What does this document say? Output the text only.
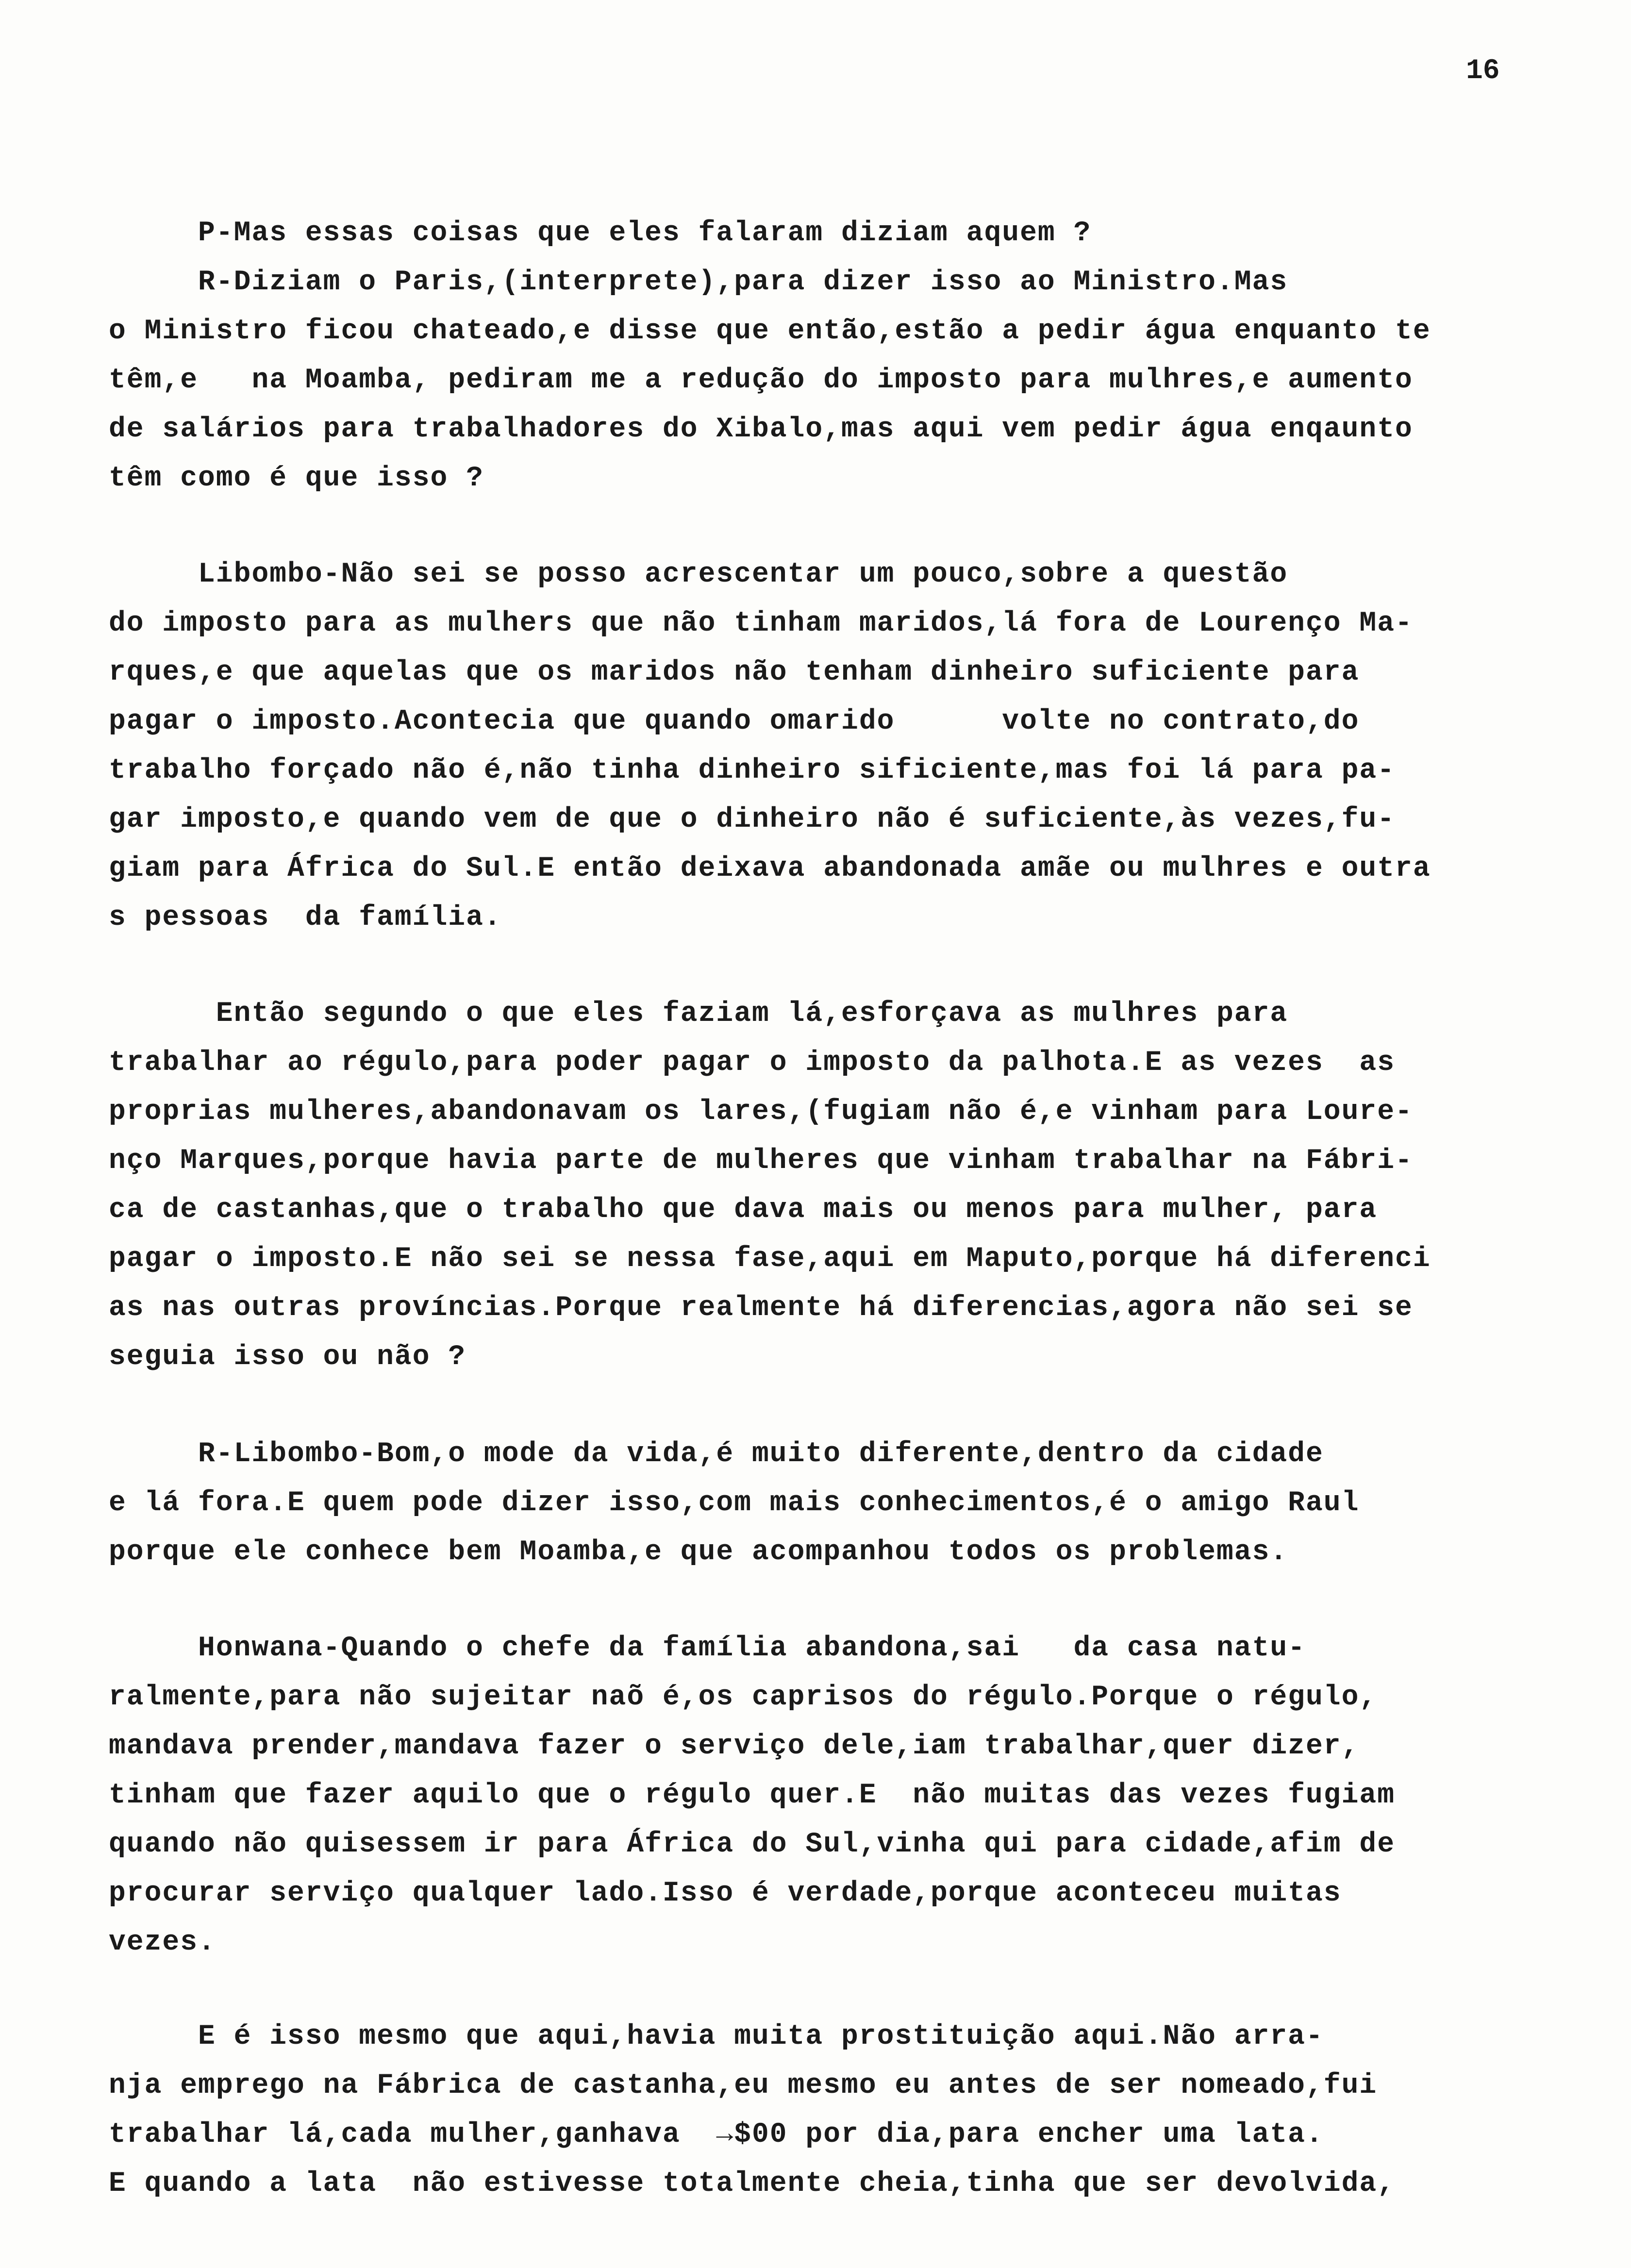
16
P-Mas essas coisas que eles falaram diziam aquem ?
R-Diziam o Paris,(interprete),para dizer isso ao Ministro.Mas
o Ministro ficou chateado,e disse que então,estão a pedir água enquanto te
têm,e   na Moamba, pediram me a redução do imposto para mulhres,e aumento
de salários para trabalhadores do Xibalo,mas aqui vem pedir água enqaunto
têm como é que isso ?
Libombo-Não sei se posso acrescentar um pouco,sobre a questão
do imposto para as mulhers que não tinham maridos,lá fora de Lourenço Ma-
rques,e que aquelas que os maridos não tenham dinheiro suficiente para
pagar o imposto.Acontecia que quando omarido      volte no contrato,do
trabalho forçado não é,não tinha dinheiro sificiente,mas foi lá para pa-
gar imposto,e quando vem de que o dinheiro não é suficiente,às vezes,fu-
giam para África do Sul.E então deixava abandonada amãe ou mulhres e outra
s pessoas  da família.
Então segundo o que eles faziam lá,esforçava as mulhres para
trabalhar ao régulo,para poder pagar o imposto da palhota.E as vezes  as
proprias mulheres,abandonavam os lares,(fugiam não é,e vinham para Loure-
nço Marques,porque havia parte de mulheres que vinham trabalhar na Fábri-
ca de castanhas,que o trabalho que dava mais ou menos para mulher, para
pagar o imposto.E não sei se nessa fase,aqui em Maputo,porque há diferenci
as nas outras províncias.Porque realmente há diferencias,agora não sei se
seguia isso ou não ?
R-Libombo-Bom,o mode da vida,é muito diferente,dentro da cidade
e lá fora.E quem pode dizer isso,com mais conhecimentos,é o amigo Raul
porque ele conhece bem Moamba,e que acompanhou todos os problemas.
Honwana-Quando o chefe da família abandona,sai   da casa natu-
ralmente,para não sujeitar naõ é,os caprisos do régulo.Porque o régulo,
mandava prender,mandava fazer o serviço dele,iam trabalhar,quer dizer,
tinham que fazer aquilo que o régulo quer.E  não muitas das vezes fugiam
quando não quisessem ir para África do Sul,vinha qui para cidade,afim de
procurar serviço qualquer lado.Isso é verdade,porque aconteceu muitas
vezes.
E é isso mesmo que aqui,havia muita prostituição aqui.Não arra-
nja emprego na Fábrica de castanha,eu mesmo eu antes de ser nomeado,fui
trabalhar lá,cada mulher,ganhava  →$00 por dia,para encher uma lata.
E quando a lata  não estivesse totalmente cheia,tinha que ser devolvida,
